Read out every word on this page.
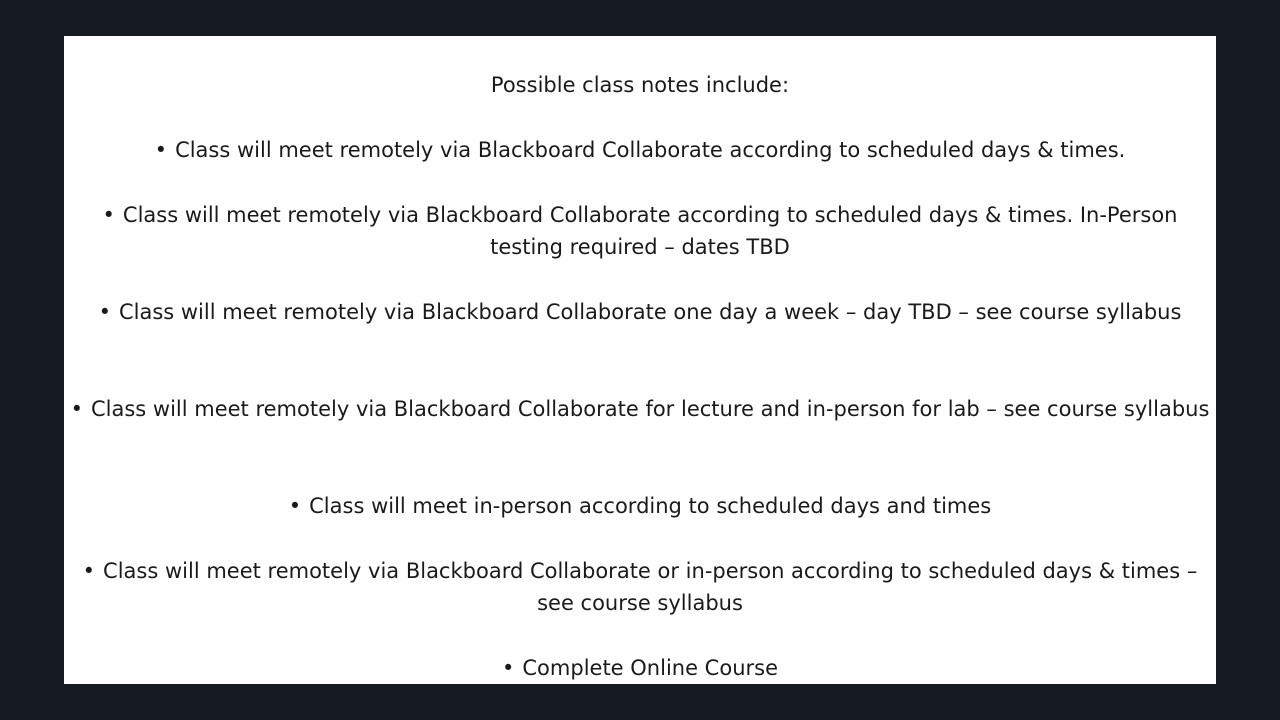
Possible class notes include:
• Class will meet remotely via Blackboard Collaborate according to scheduled days & times.
• Class will meet remotely via Blackboard Collaborate according to scheduled days & times. In-Person testing required – dates TBD
• Class will meet remotely via Blackboard Collaborate one day a week – day TBD – see course syllabus
• Class will meet remotely via Blackboard Collaborate for lecture and in-person for lab – see course syllabus
• Class will meet in-person according to scheduled days and times
• Class will meet remotely via Blackboard Collaborate or in-person according to scheduled days & times – see course syllabus
• Complete Online Course
